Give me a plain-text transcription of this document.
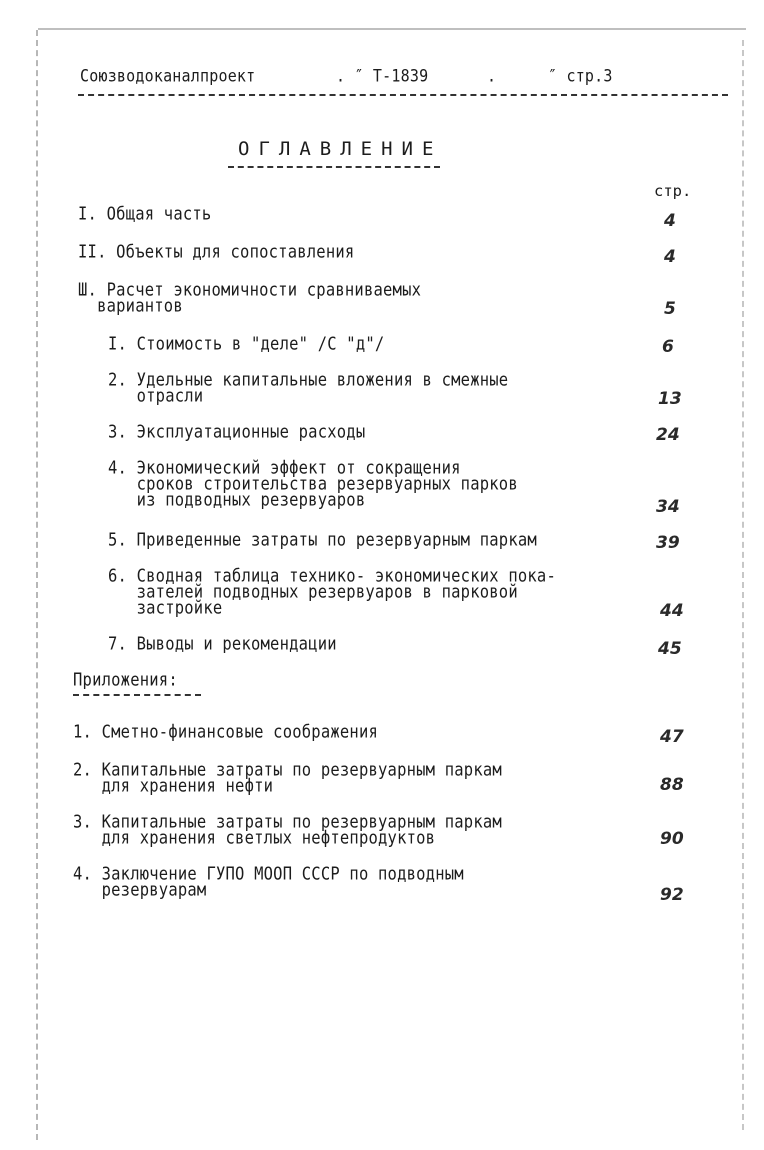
Союзводоканалпроект	. ″ Т-1839	.	″ стр.3
ОГЛАВЛЕНИЕ
стр.
I. Общая часть	4
II. Объекты для сопоставления	4
Ш. Расчет экономичности сравниваемых
вариантов	5
I. Стоимость в "деле" /С "д"/	6
2. Удельные капитальные вложения в смежные
отрасли	13
3. Эксплуатационные расходы	24
4. Экономический эффект от сокращения
сроков строительства резервуарных парков
из подводных резервуаров	34
5. Приведенные затраты по резервуарным паркам	39
6. Сводная таблица технико- экономических пока-
зателей подводных резервуаров в парковой
застройке	44
7. Выводы и рекомендации	45
Приложения:
1. Сметно-финансовые соображения	47
2. Капитальные затраты по резервуарным паркам
для хранения нефти	88
3. Капитальные затраты по резервуарным паркам
для хранения светлых нефтепродуктов	90
4. Заключение ГУПО МООП СССР по подводным
резервуарам	92
